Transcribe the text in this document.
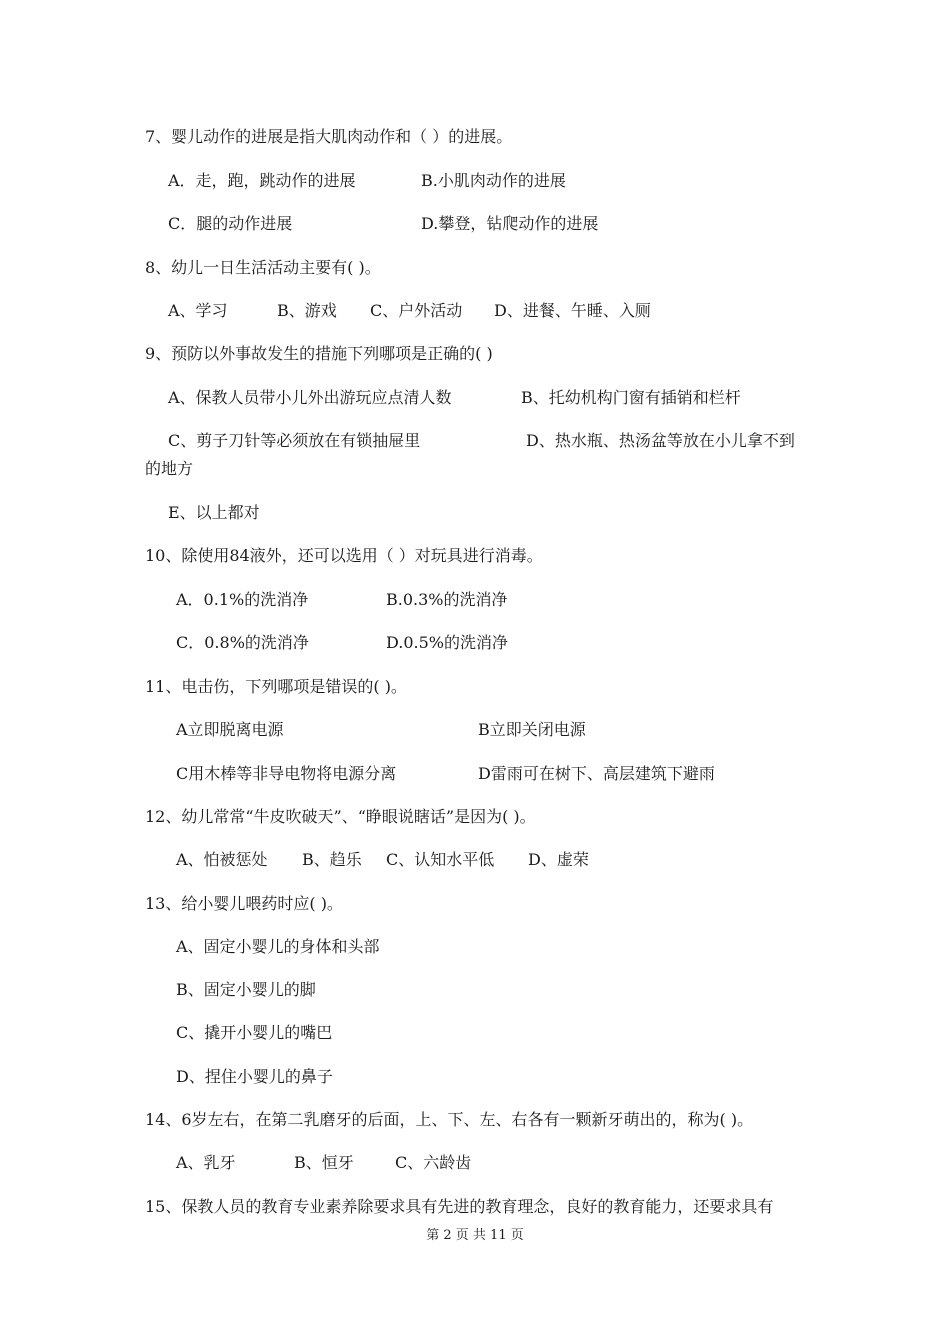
7、婴儿动作的进展是指大肌肉动作和（ ）的进展。
A．走，跑，跳动作的进展	B.小肌肉动作的进展
C．腿的动作进展	D.攀登，钻爬动作的进展
8、幼儿一日生活活动主要有( )。
A、学习	B、游戏 C、户外活动 D、进餐、午睡、入厕
9、预防以外事故发生的措施下列哪项是正确的( )
A、保教人员带小儿外出游玩应点清人数	B、托幼机构门窗有插销和栏杆
C、剪子刀针等必须放在有锁抽屉里	D、热水瓶、热汤盆等放在小儿拿不到
的地方
E、以上都对
10、除使用84液外，还可以选用（ ）对玩具进行消毒。
A．0.1%的洗消净	B.0.3%的洗消净
C．0.8%的洗消净	D.0.5%的洗消净
11、电击伤，下列哪项是错误的( )。
A立即脱离电源	B立即关闭电源
C用木棒等非导电物将电源分离	D雷雨可在树下、高层建筑下避雨
12、幼儿常常“牛皮吹破天”、“睁眼说瞎话”是因为( )。
A、怕被惩处 B、趋乐 C、认知水平低 D、虚荣
13、给小婴儿喂药时应( )。
A、固定小婴儿的身体和头部
B、固定小婴儿的脚
C、撬开小婴儿的嘴巴
D、捏住小婴儿的鼻子
14、6岁左右，在第二乳磨牙的后面，上、下、左、右各有一颗新牙萌出的，称为( )。
A、乳牙	B、恒牙	C、六龄齿
15、保教人员的教育专业素养除要求具有先进的教育理念，良好的教育能力，还要求具有
第 2 页 共 11 页
